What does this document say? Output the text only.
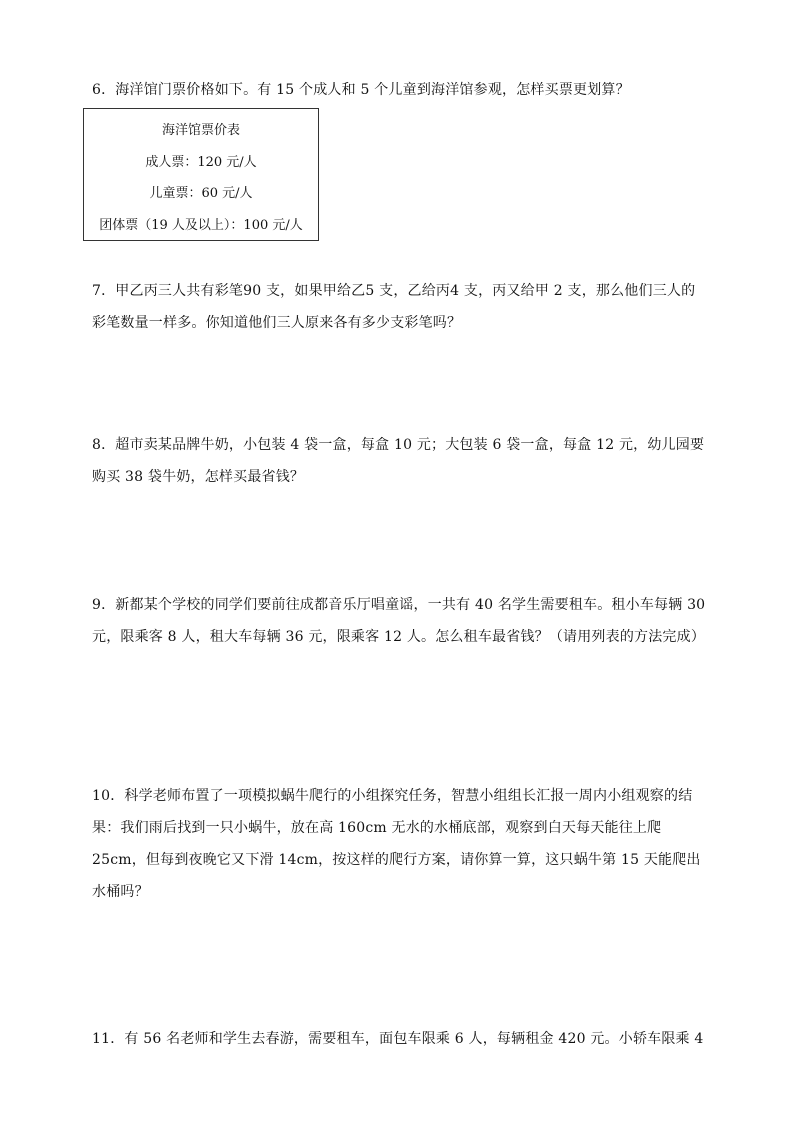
6．海洋馆门票价格如下。有 15 个成人和 5 个儿童到海洋馆参观，怎样买票更划算？

海洋馆票价表
成人票：120 元/人
儿童票：60 元/人
团体票（19 人及以上）：100 元/人

7．甲乙丙三人共有彩笔90 支，如果甲给乙5 支，乙给丙4 支，丙又给甲 2 支，那么他们三人的

彩笔数量一样多。你知道他们三人原来各有多少支彩笔吗？

8．超市卖某品牌牛奶，小包装 4 袋一盒，每盒 10 元；大包装 6 袋一盒，每盒 12 元，幼儿园要

购买 38 袋牛奶，怎样买最省钱？

9．新都某个学校的同学们要前往成都音乐厅唱童谣，一共有 40 名学生需要租车。租小车每辆 30

元，限乘客 8 人，租大车每辆 36 元，限乘客 12 人。怎么租车最省钱？（请用列表的方法完成）

10．科学老师布置了一项模拟蜗牛爬行的小组探究任务，智慧小组组长汇报一周内小组观察的结

果：我们雨后找到一只小蜗牛，放在高 160cm 无水的水桶底部，观察到白天每天能往上爬

25cm，但每到夜晚它又下滑 14cm，按这样的爬行方案，请你算一算，这只蜗牛第 15 天能爬出

水桶吗？

11．有 56 名老师和学生去春游，需要租车，面包车限乘 6 人，每辆租金 420 元。小轿车限乘 4
